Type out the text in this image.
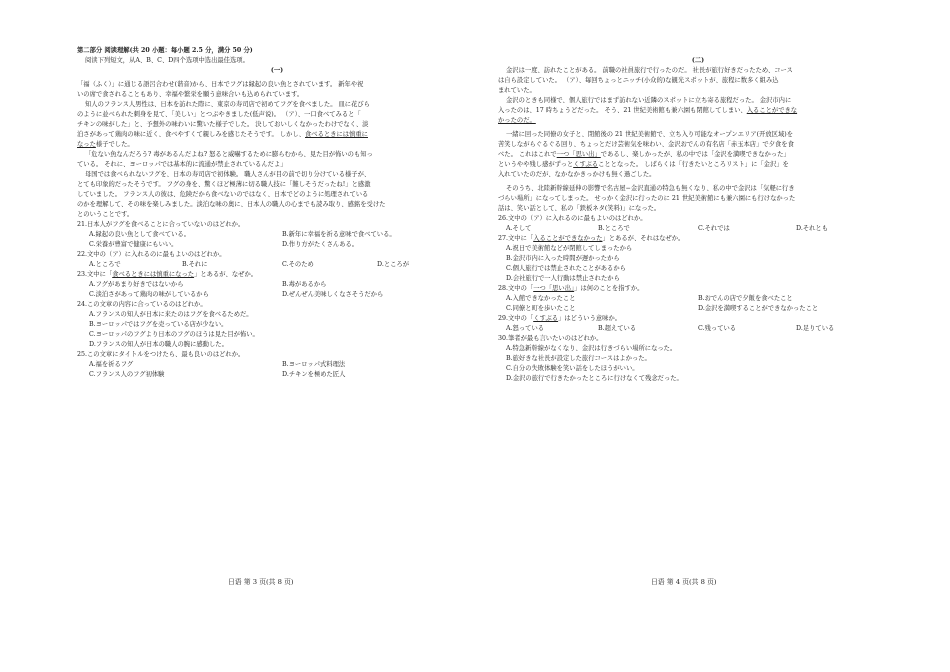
第二部分 阅读理解(共 20 小题：每小题 2.5 分，满分 50 分)
阅读下列短文，从A、B、C、D四个选项中选出最佳选项。
(一)
「福（ふく）」に通じる語呂合わせ(谐音)から、日本でフグは縁起の良い魚とされています。 新年や祝
いの席で食されることもあり、幸福や繁栄を願う意味合いも込められています。
知人のフランス人男性は、日本を訪れた際に、東京の寿司店で初めてフグを食べました。 皿に花びら
のように並べられた刺身を見て、「美しい」とつぶやきました(低声说)。 （ア）、一口食べてみると「
チキンの味がした」と、予想外の味わいに驚いた様子でした。 決しておいしくなかったわけでなく、淡
泊さがあって鶏肉の味に近く、食べやすくて親しみを感じたそうです。 しかし、食べるときには慎重に
なった様子でした。
「危ない魚なんだろう? 毒があるんだよね? 怒ると威嚇するために膨らむから、見た目が怖いのも知っ
ている。 それに、ヨーロッパでは基本的に流通が禁止されているんだよ」
母国では食べられないフグを、日本の寿司店で初体験。 職人さんが目の前で切り分けている様子が、
とても印象的だったそうです。 フグの身を、驚くほど極薄に切る職人技に「難しそうだったね!」と感激
していました。 フランス人の彼は、危険だから食べないのではなく、日本でどのように処理されている
のかを理解して、その味を楽しみました。淡泊な味の奥に、日本人の職人の心までも読み取り、感銘を受けた
とのいうことです。
21.日本人がフグを食べることに合っていないのはどれか。
A.縁起の良い魚として食べている。	B.新年に幸福を祈る意味で食べている。
C.栄養が豊富で健康にもいい。	D.作り方がたくさんある。
22.文中の（ア）に入れるのに最もよいのはどれか。
A.ところで	B.それに	C.そのため	D.ところが
23.文中に「食べるときには慎重になった」とあるが、なぜか。
A.フグがあまり好きではないから	B.毒があるから
C.淡泊さがあって鶏肉の味がしているから	D.ぜんぜん美味しくなさそうだから
24.この文章の内容に合っているのはどれか。
A.フランスの知人が日本に来たのはフグを食べるためだ。
B.ヨーロッパではフグを売っている店が少ない。
C.ヨーロッパのフグより日本のフグのほうは見た目が怖い。
D.フランスの知人が日本の職人の腕に感動した。
25.この文章にタイトルをつけたら、最も良いのはどれか。
A.福を祈るフグ	B.ヨーロッパ式料理法
C.フランス人のフグ初体験	D.チキンを極めた匠人
日语 第 3 页(共 8 页)
(二)
金沢は一度、訪れたことがある。 前職の社員旅行で行ったのだ。 社長が旅行好きだったため、コース
は自ら設定していた。 （ア）、毎回ちょっとニッチ(小众的)な観光スポットが、旅程に数多く組み込
まれていた。
金沢のときも同様で、個人旅行ではまず訪れない近隣のスポットに立ち寄る旅程だった。 金沢市内に
入ったのは、17 時ちょうどだった。 そう、21 世紀美術館も兼六園も閉館してしまい、入ることができな
かったのだ。
一緒に回った同僚の女子と、閉館後の 21 世紀美術館で、立ち入り可能なオープンエリア(开放区域)を
苦笑しながらぐるぐる回り、ちょっとだけ芸術気を味わい、金沢おでんの有名店「赤玉本店」で夕食を食
べた。 これはこれで一つ「思い出」であるし、楽しかったが、私の中では「金沢を満喫できなかった」
というやや残し感がずっとくすぶることとなった。 しばらくは「行きたいところリスト」に「金沢」を
入れていたのだが、なかなかきっかけも無く過ごした。
そのうち、北陸新幹線延伸の影響で名古屋−金沢直通の特急も無くなり、私の中で金沢は「気軽に行き
づらい場所」になってしまった。 せっかく金沢に行ったのに 21 世紀美術館にも兼六園にも行けなかった
話は、笑い話として、私の「鉄板ネタ(笑料)」になった。
26.文中の（ア）に入れるのに最もよいのはどれか。
A.そして	B.ところで	C.それでは	D.それとも
27.文中に「入ることができなかった」とあるが、それはなぜか。
A.祝日で美術館などが閉館してしまったから
B.金沢市内に入った時間が遅かったから
C.個人旅行では禁止されたことがあるから
D.会社旅行で一人行動は禁止されたから
28.文中の「一つ「思い出」」は何のことを指すか。
A.入館できなかったこと	B.おでんの店で夕飯を食べたこと
C.同僚と町を歩いたこと	D.金沢を満喫することができなかったこと
29.文中の「くすぶる」はどういう意味か。
A.怒っている	B.超えている	C.残っている	D.足りている
30.筆者が最も言いたいのはどれか。
A.特急新幹線がなくなり、金沢は行きづらい場所になった。
B.旅好きな社長が設定した旅行コースはよかった。
C.自分の失敗体験を笑い話をしたほうがいい。
D.金沢の旅行で行きたかったところに行けなくて残念だった。
日语 第 4 页(共 8 页)
